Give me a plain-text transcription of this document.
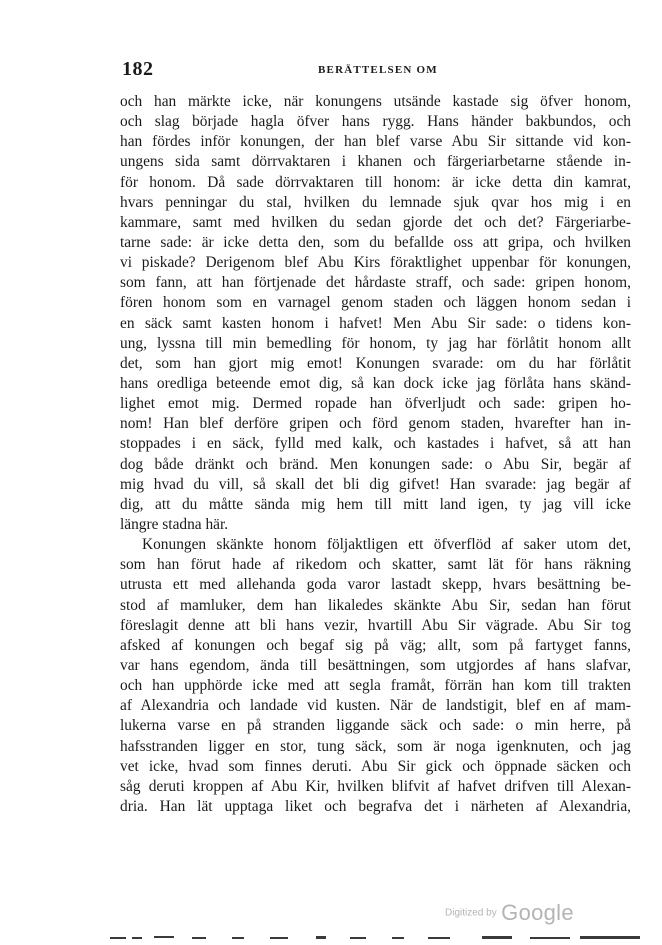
182	BERÄTTELSEN OM
och han märkte icke, när konungens utsände kastade sig öfver honom,
och slag började hagla öfver hans rygg. Hans händer bakbundos, och
han fördes inför konungen, der han blef varse Abu Sir sittande vid kon-
ungens sida samt dörrvaktaren i khanen och färgeriarbetarne stående in-
för honom. Då sade dörrvaktaren till honom: är icke detta din kamrat,
hvars penningar du stal, hvilken du lemnade sjuk qvar hos mig i en
kammare, samt med hvilken du sedan gjorde det och det? Färgeriarbe-
tarne sade: är icke detta den, som du befallde oss att gripa, och hvilken
vi piskade? Derigenom blef Abu Kirs föraktlighet uppenbar för konungen,
som fann, att han förtjenade det hårdaste straff, och sade: gripen honom,
fören honom som en varnagel genom staden och läggen honom sedan i
en säck samt kasten honom i hafvet! Men Abu Sir sade: o tidens kon-
ung, lyssna till min bemedling för honom, ty jag har förlåtit honom allt
det, som han gjort mig emot! Konungen svarade: om du har förlåtit
hans oredliga beteende emot dig, så kan dock icke jag förlåta hans skänd-
lighet emot mig. Dermed ropade han öfverljudt och sade: gripen ho-
nom! Han blef derföre gripen och förd genom staden, hvarefter han in-
stoppades i en säck, fylld med kalk, och kastades i hafvet, så att han
dog både dränkt och bränd. Men konungen sade: o Abu Sir, begär af
mig hvad du vill, så skall det bli dig gifvet! Han svarade: jag begär af
dig, att du måtte sända mig hem till mitt land igen, ty jag vill icke
längre stadna här.
Konungen skänkte honom följaktligen ett öfverflöd af saker utom det,
som han förut hade af rikedom och skatter, samt lät för hans räkning
utrusta ett med allehanda goda varor lastadt skepp, hvars besättning be-
stod af mamluker, dem han likaledes skänkte Abu Sir, sedan han förut
föreslagit denne att bli hans vezir, hvartill Abu Sir vägrade. Abu Sir tog
afsked af konungen och begaf sig på väg; allt, som på fartyget fanns,
var hans egendom, ända till besättningen, som utgjordes af hans slafvar,
och han upphörde icke med att segla framåt, förrän han kom till trakten
af Alexandria och landade vid kusten. När de landstigit, blef en af mam-
lukerna varse en på stranden liggande säck och sade: o min herre, på
hafsstranden ligger en stor, tung säck, som är noga igenknuten, och jag
vet icke, hvad som finnes deruti. Abu Sir gick och öppnade säcken och
såg deruti kroppen af Abu Kir, hvilken blifvit af hafvet drifven till Alexan-
dria. Han lät upptaga liket och begrafva det i närheten af Alexandria,
Digitized by Google
